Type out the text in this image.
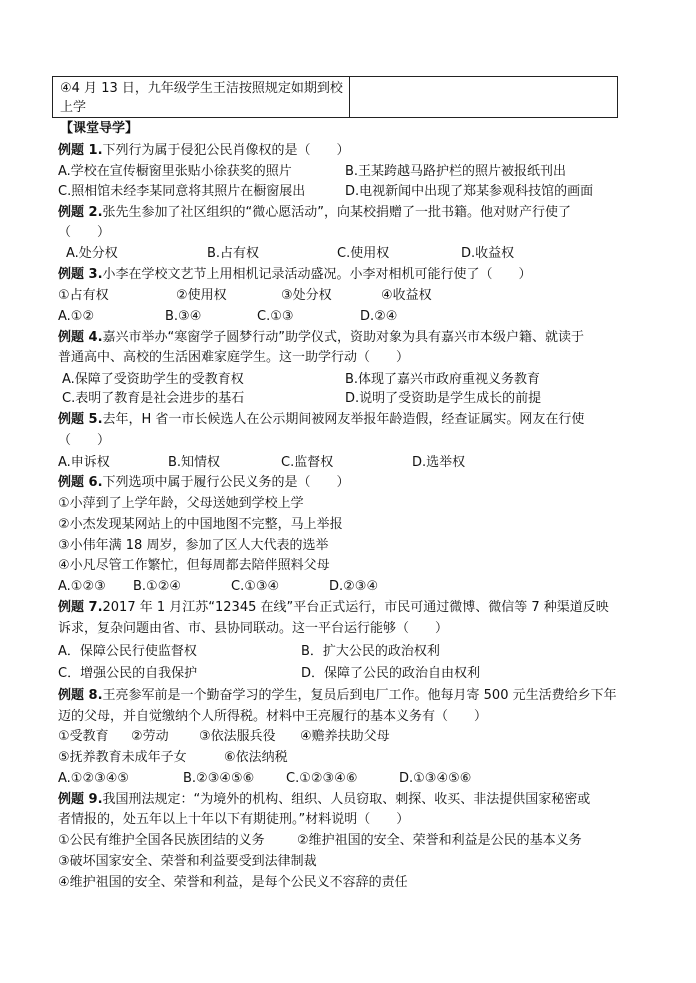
④4 月 13 日，九年级学生王洁按照规定如期到校上学
【课堂导学】
例题 1.下列行为属于侵犯公民肖像权的是（　　）
A.学校在宣传橱窗里张贴小徐获奖的照片	B.王某跨越马路护栏的照片被报纸刊出
C.照相馆未经李某同意将其照片在橱窗展出	D.电视新闻中出现了郑某参观科技馆的画面
例题 2.张先生参加了社区组织的“微心愿活动”，向某校捐赠了一批书籍。他对财产行使了
（　　）
A.处分权	B.占有权	C.使用权	D.收益权
例题 3.小李在学校文艺节上用相机记录活动盛况。小李对相机可能行使了（　　）
①占有权	②使用权	③处分权	④收益权
A.①②	B.③④	C.①③	D.②④
例题 4.嘉兴市举办“寒窗学子圆梦行动”助学仪式，资助对象为具有嘉兴市本级户籍、就读于
普通高中、高校的生活困难家庭学生。这一助学行动（　　）
A.保障了受资助学生的受教育权	B.体现了嘉兴市政府重视义务教育
C.表明了教育是社会进步的基石	D.说明了受资助是学生成长的前提
例题 5.去年，H 省一市长候选人在公示期间被网友举报年龄造假，经查证属实。网友在行使
（　　）
A.申诉权	B.知情权	C.监督权	D.选举权
例题 6.下列选项中属于履行公民义务的是（　　）
①小萍到了上学年龄，父母送她到学校上学
②小杰发现某网站上的中国地图不完整，马上举报
③小伟年满 18 周岁，参加了区人大代表的选举
④小凡尽管工作繁忙，但每周都去陪伴照料父母
A.①②③ B.①②④	C.①③④	D.②③④
例题 7.2017 年 1 月江苏“12345 在线”平台正式运行，市民可通过微博、微信等 7 种渠道反映
诉求，复杂问题由省、市、县协同联动。这一平台运行能够（　　）
A．保障公民行使监督权	B．扩大公民的政治权利
C．增强公民的自我保护	D．保障了公民的政治自由权利
例题 8.王亮参军前是一个勤奋学习的学生，复员后到电厂工作。他每月寄 500 元生活费给乡下年
迈的父母，并自觉缴纳个人所得税。材料中王亮履行的基本义务有（　　）
①受教育 ②劳动 ③依法服兵役 ④赡养扶助父母
⑤抚养教育未成年子女	⑥依法纳税
A.①②③④⑤	B.②③④⑤⑥ C.①②③④⑥	D.①③④⑤⑥
例题 9.我国刑法规定：“为境外的机构、组织、人员窃取、刺探、收买、非法提供国家秘密或
者情报的，处五年以上十年以下有期徒刑。”材料说明（　　）
①公民有维护全国各民族团结的义务 ②维护祖国的安全、荣誉和利益是公民的基本义务
③破坏国家安全、荣誉和利益要受到法律制裁
④维护祖国的安全、荣誉和利益，是每个公民义不容辞的责任
